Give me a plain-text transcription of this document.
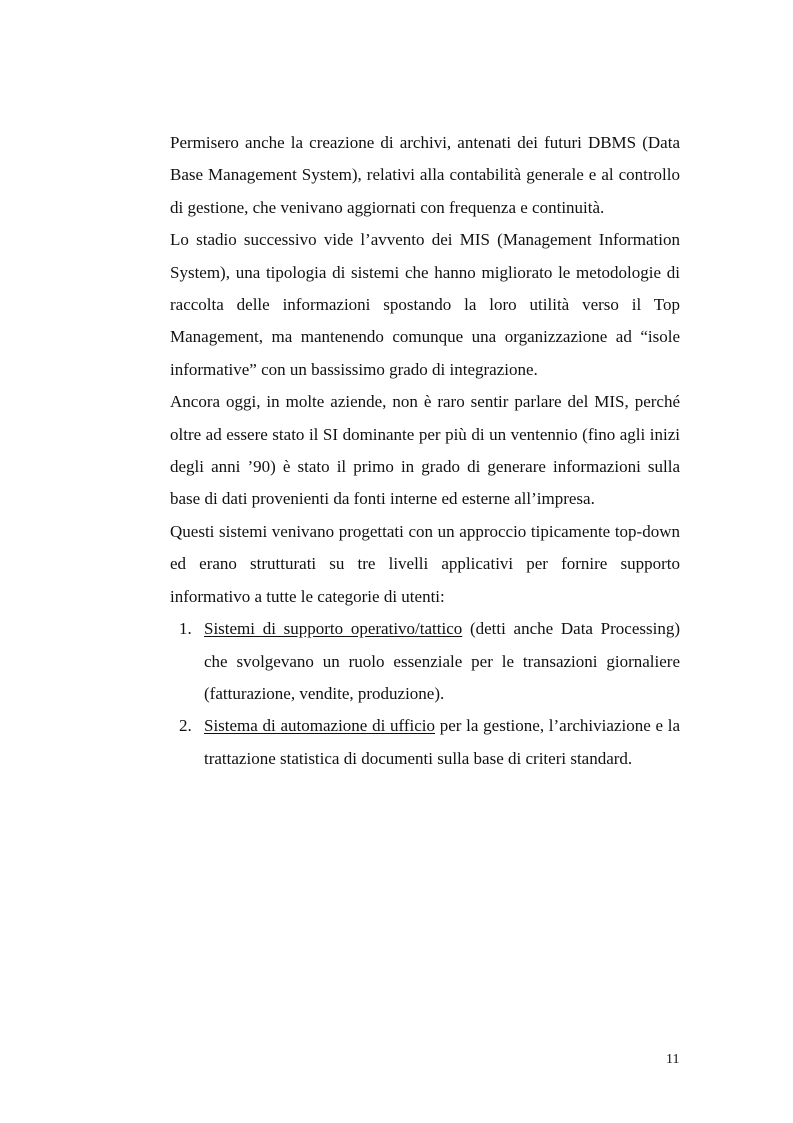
Permisero anche la creazione di archivi, antenati dei futuri DBMS (Data Base Management System), relativi alla contabilità generale e al controllo di gestione, che venivano aggiornati con frequenza e continuità.

Lo stadio successivo vide l’avvento dei MIS (Management Information System), una tipologia di sistemi che hanno migliorato le metodologie di raccolta delle informazioni spostando la loro utilità verso il Top Management, ma mantenendo comunque una organizzazione ad “isole informative” con un bassissimo grado di integrazione.

Ancora oggi, in molte aziende, non è raro sentir parlare del MIS, perché oltre ad essere stato il SI dominante per più di un ventennio (fino agli inizi degli anni ’90) è stato il primo in grado di generare informazioni sulla base di dati provenienti da fonti interne ed esterne all’impresa.

Questi sistemi venivano progettati con un approccio tipicamente top-down ed erano strutturati su tre livelli applicativi per fornire supporto informativo a tutte le categorie di utenti:

1. Sistemi di supporto operativo/tattico (detti anche Data Processing) che svolgevano un ruolo essenziale per le transazioni giornaliere (fatturazione, vendite, produzione).
2. Sistema di automazione di ufficio per la gestione, l’archiviazione e la trattazione statistica di documenti sulla base di criteri standard.
11
